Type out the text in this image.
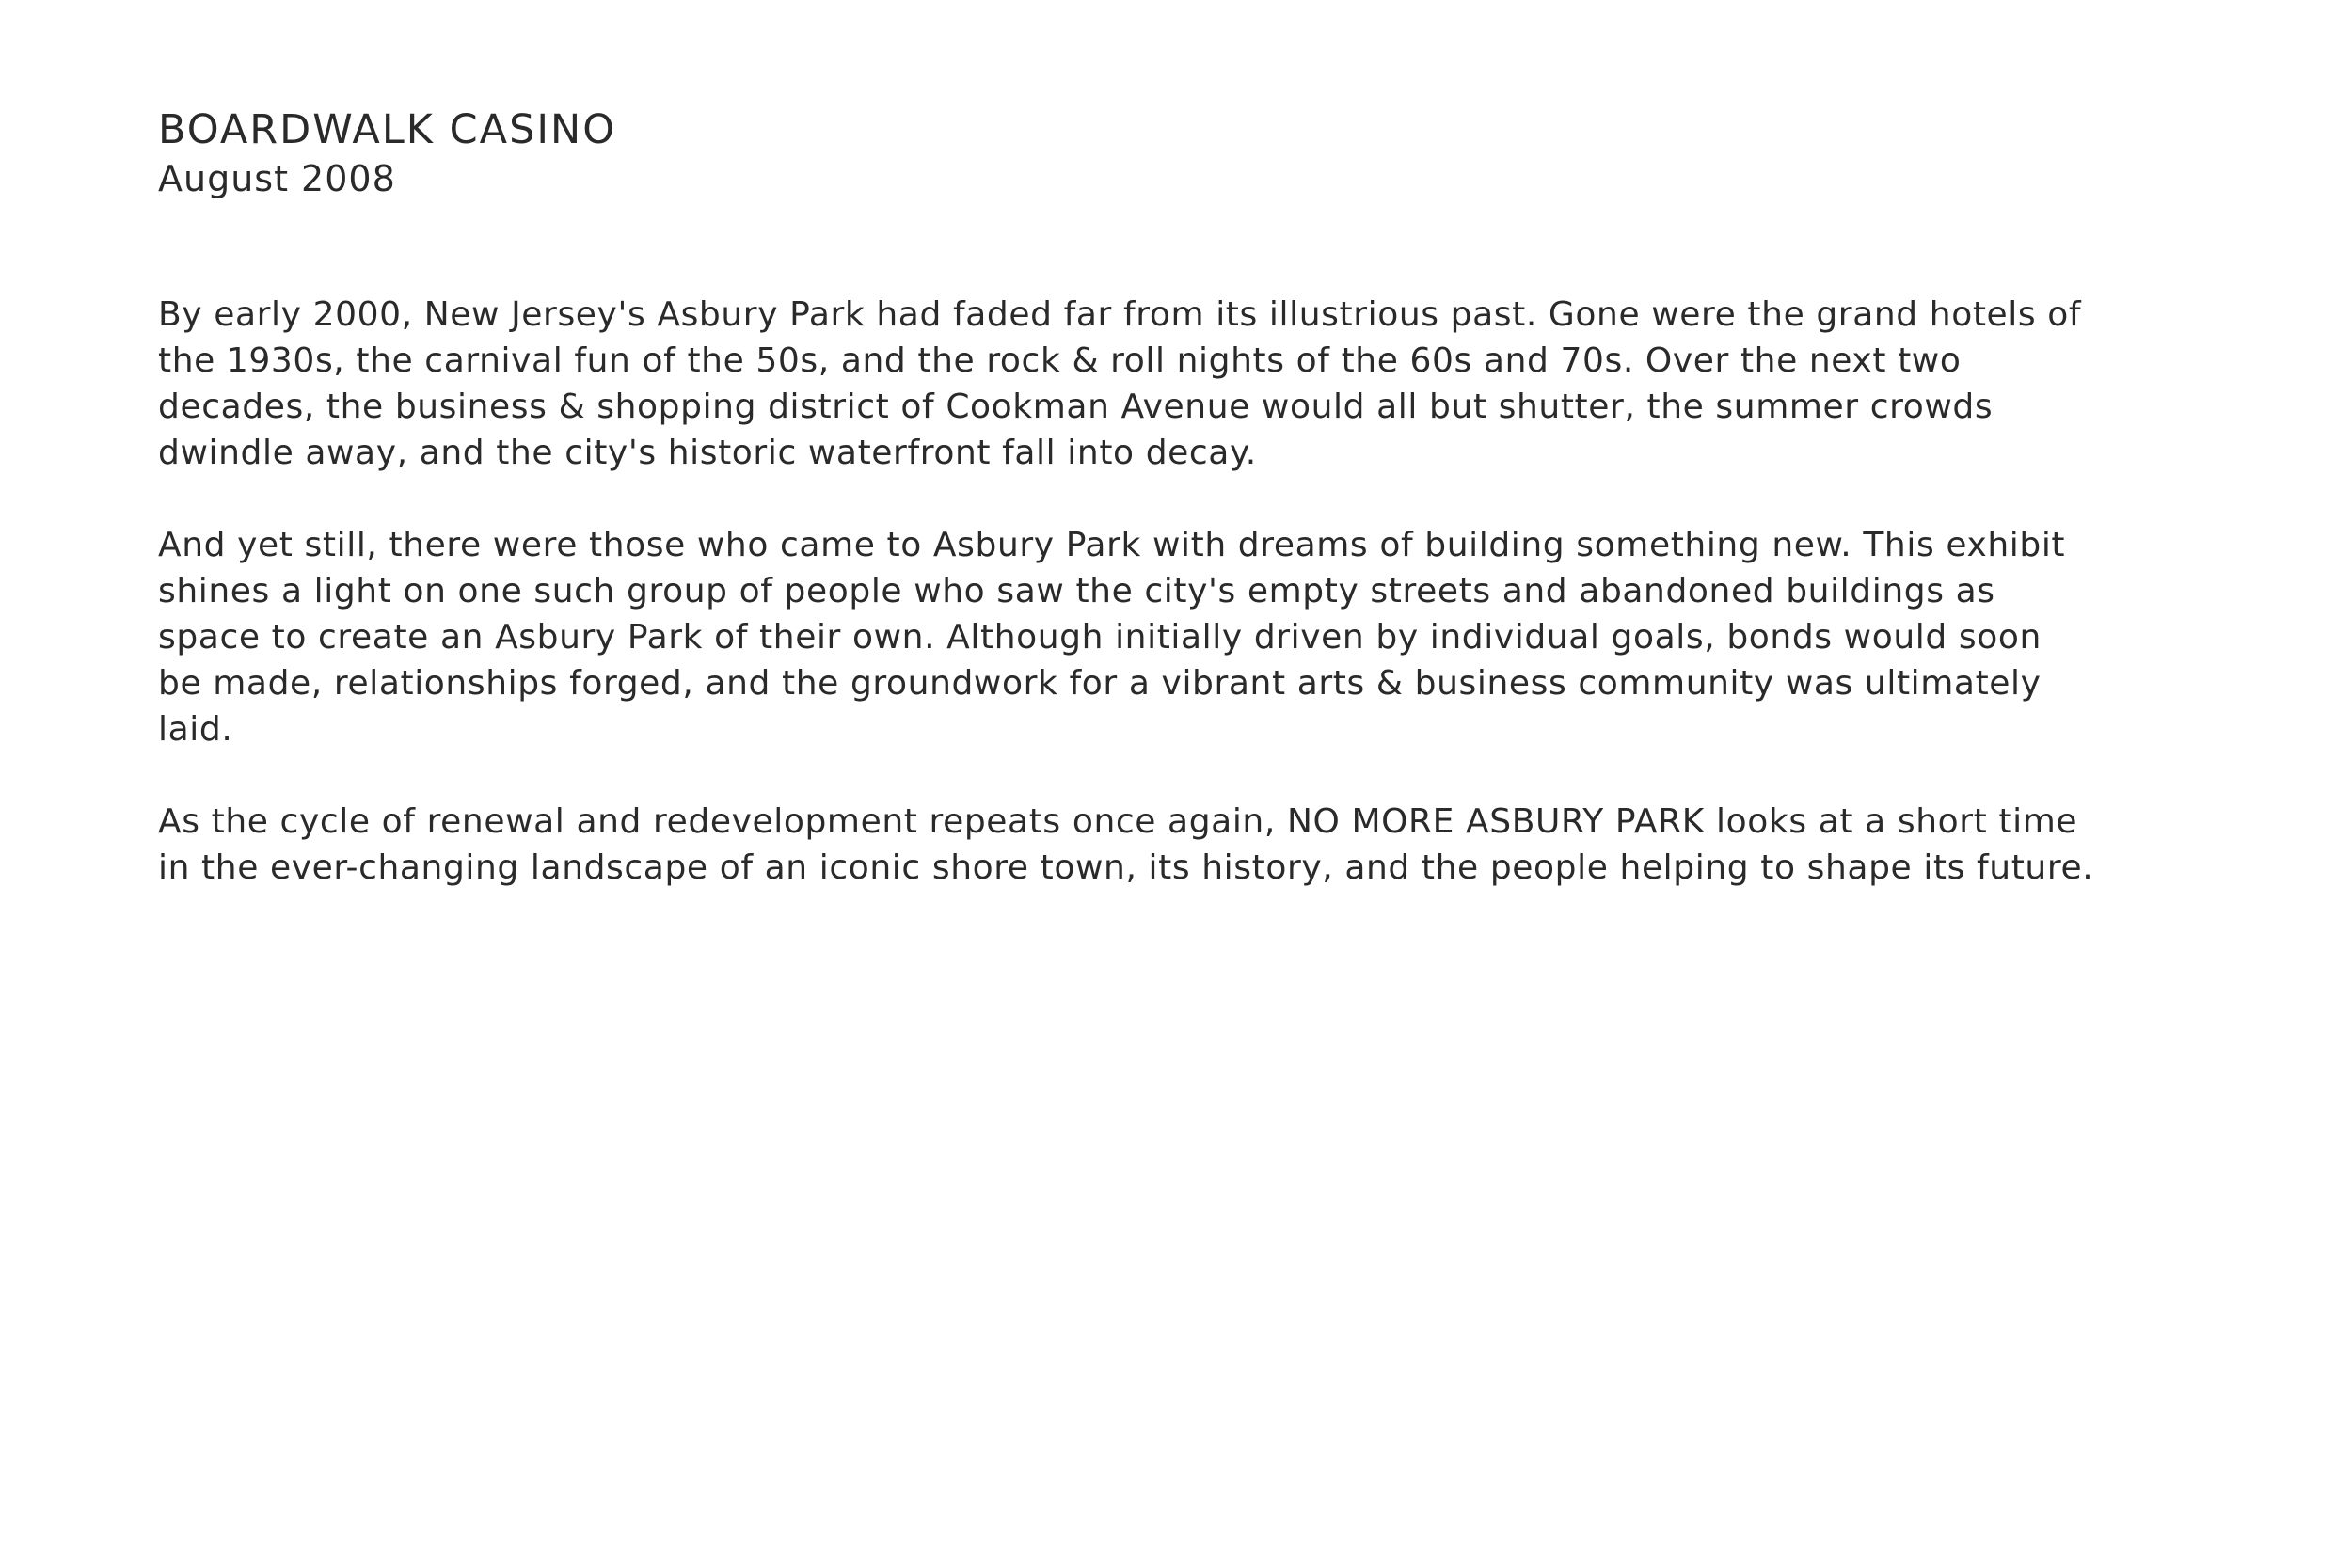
BOARDWALK CASINO

August 2008

By early 2000, New Jersey's Asbury Park had faded far from its illustrious past. Gone were the grand hotels of the 1930s, the carnival fun of the 50s, and the rock & roll nights of the 60s and 70s. Over the next two decades, the business & shopping district of Cookman Avenue would all but shutter, the summer crowds dwindle away, and the city's historic waterfront fall into decay.

And yet still, there were those who came to Asbury Park with dreams of building something new. This exhibit shines a light on one such group of people who saw the city's empty streets and abandoned buildings as space to create an Asbury Park of their own. Although initially driven by individual goals, bonds would soon be made, relationships forged, and the groundwork for a vibrant arts & business community was ultimately laid.

As the cycle of renewal and redevelopment repeats once again, NO MORE ASBURY PARK looks at a short time in the ever-changing landscape of an iconic shore town, its history, and the people helping to shape its future.
